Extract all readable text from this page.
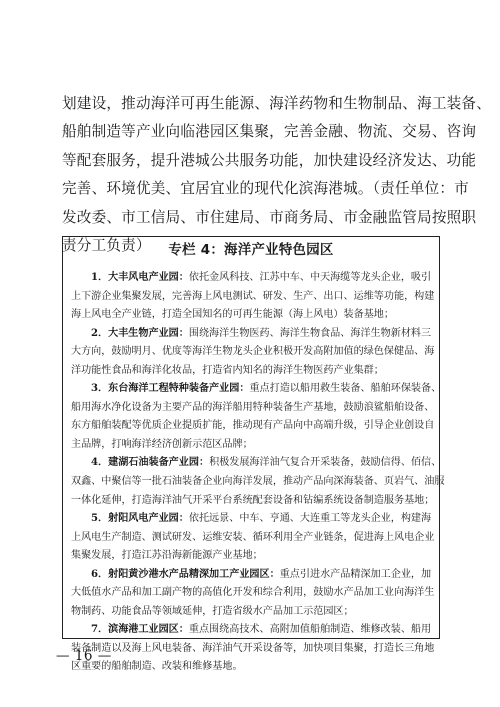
划建设，推动海洋可再生能源、海洋药物和生物制品、海工装备、
船舶制造等产业向临港园区集聚，完善金融、物流、交易、咨询
等配套服务，提升港城公共服务功能，加快建设经济发达、功能
完善、环境优美、宜居宜业的现代化滨海港城。（责任单位：市
发改委、市工信局、市住建局、市商务局、市金融监管局按照职
责分工负责）	专栏 4：海洋产业特色园区
1．大丰风电产业园：依托金风科技、江苏中车、中天海缆等龙头企业，吸引
上下游企业集聚发展，完善海上风电测试、研发、生产、出口、运维等功能，构建
海上风电全产业链，打造全国知名的可再生能源（海上风电）装备基地；
2．大丰生物产业园：围绕海洋生物医药、海洋生物食品、海洋生物新材料三
大方向，鼓励明月、优度等海洋生物龙头企业积极开发高附加值的绿色保健品、海
洋功能性食品和海洋化妆品，打造省内知名的海洋生物医药产业集群；
3．东台海洋工程特种装备产业园：重点打造以船用救生装备、船舶环保装备、
船用海水净化设备为主要产品的海洋船用特种装备生产基地，鼓励浪鲨船舶设备、
东方船舶装配等优质企业提质扩能，推动现有产品向中高端升级，引导企业创设自
主品牌，打响海洋经济创新示范区品牌；
4．建湖石油装备产业园：积极发展海洋油气复合开采装备，鼓励信得、佰信、
双鑫、中聚信等一批石油装备企业向海洋发展，推动产品向深海装备、页岩气、油服
一体化延伸，打造海洋油气开采平台系统配套设备和钻编系统设备制造服务基地；
5．射阳风电产业园：依托远景、中车、亨通、大连重工等龙头企业，构建海
上风电生产制造、测试研发、运维安装、循环利用全产业链条，促进海上风电企业
集聚发展，打造江苏沿海新能源产业基地；
6．射阳黄沙港水产品精深加工产业园区：重点引进水产品精深加工企业，加
大低值水产品和加工副产物的高值化开发和综合利用，鼓励水产品加工业向海洋生
物制药、功能食品等领域延伸，打造省级水产品加工示范园区；
7．滨海港工业园区：重点围绕高技术、高附加值船舶制造、维修改装、船用
装备制造以及海上风电装备、海洋油气开采设备等，加快项目集聚，打造长三角地
区重要的船舶制造、改装和维修基地。
— 16 —
